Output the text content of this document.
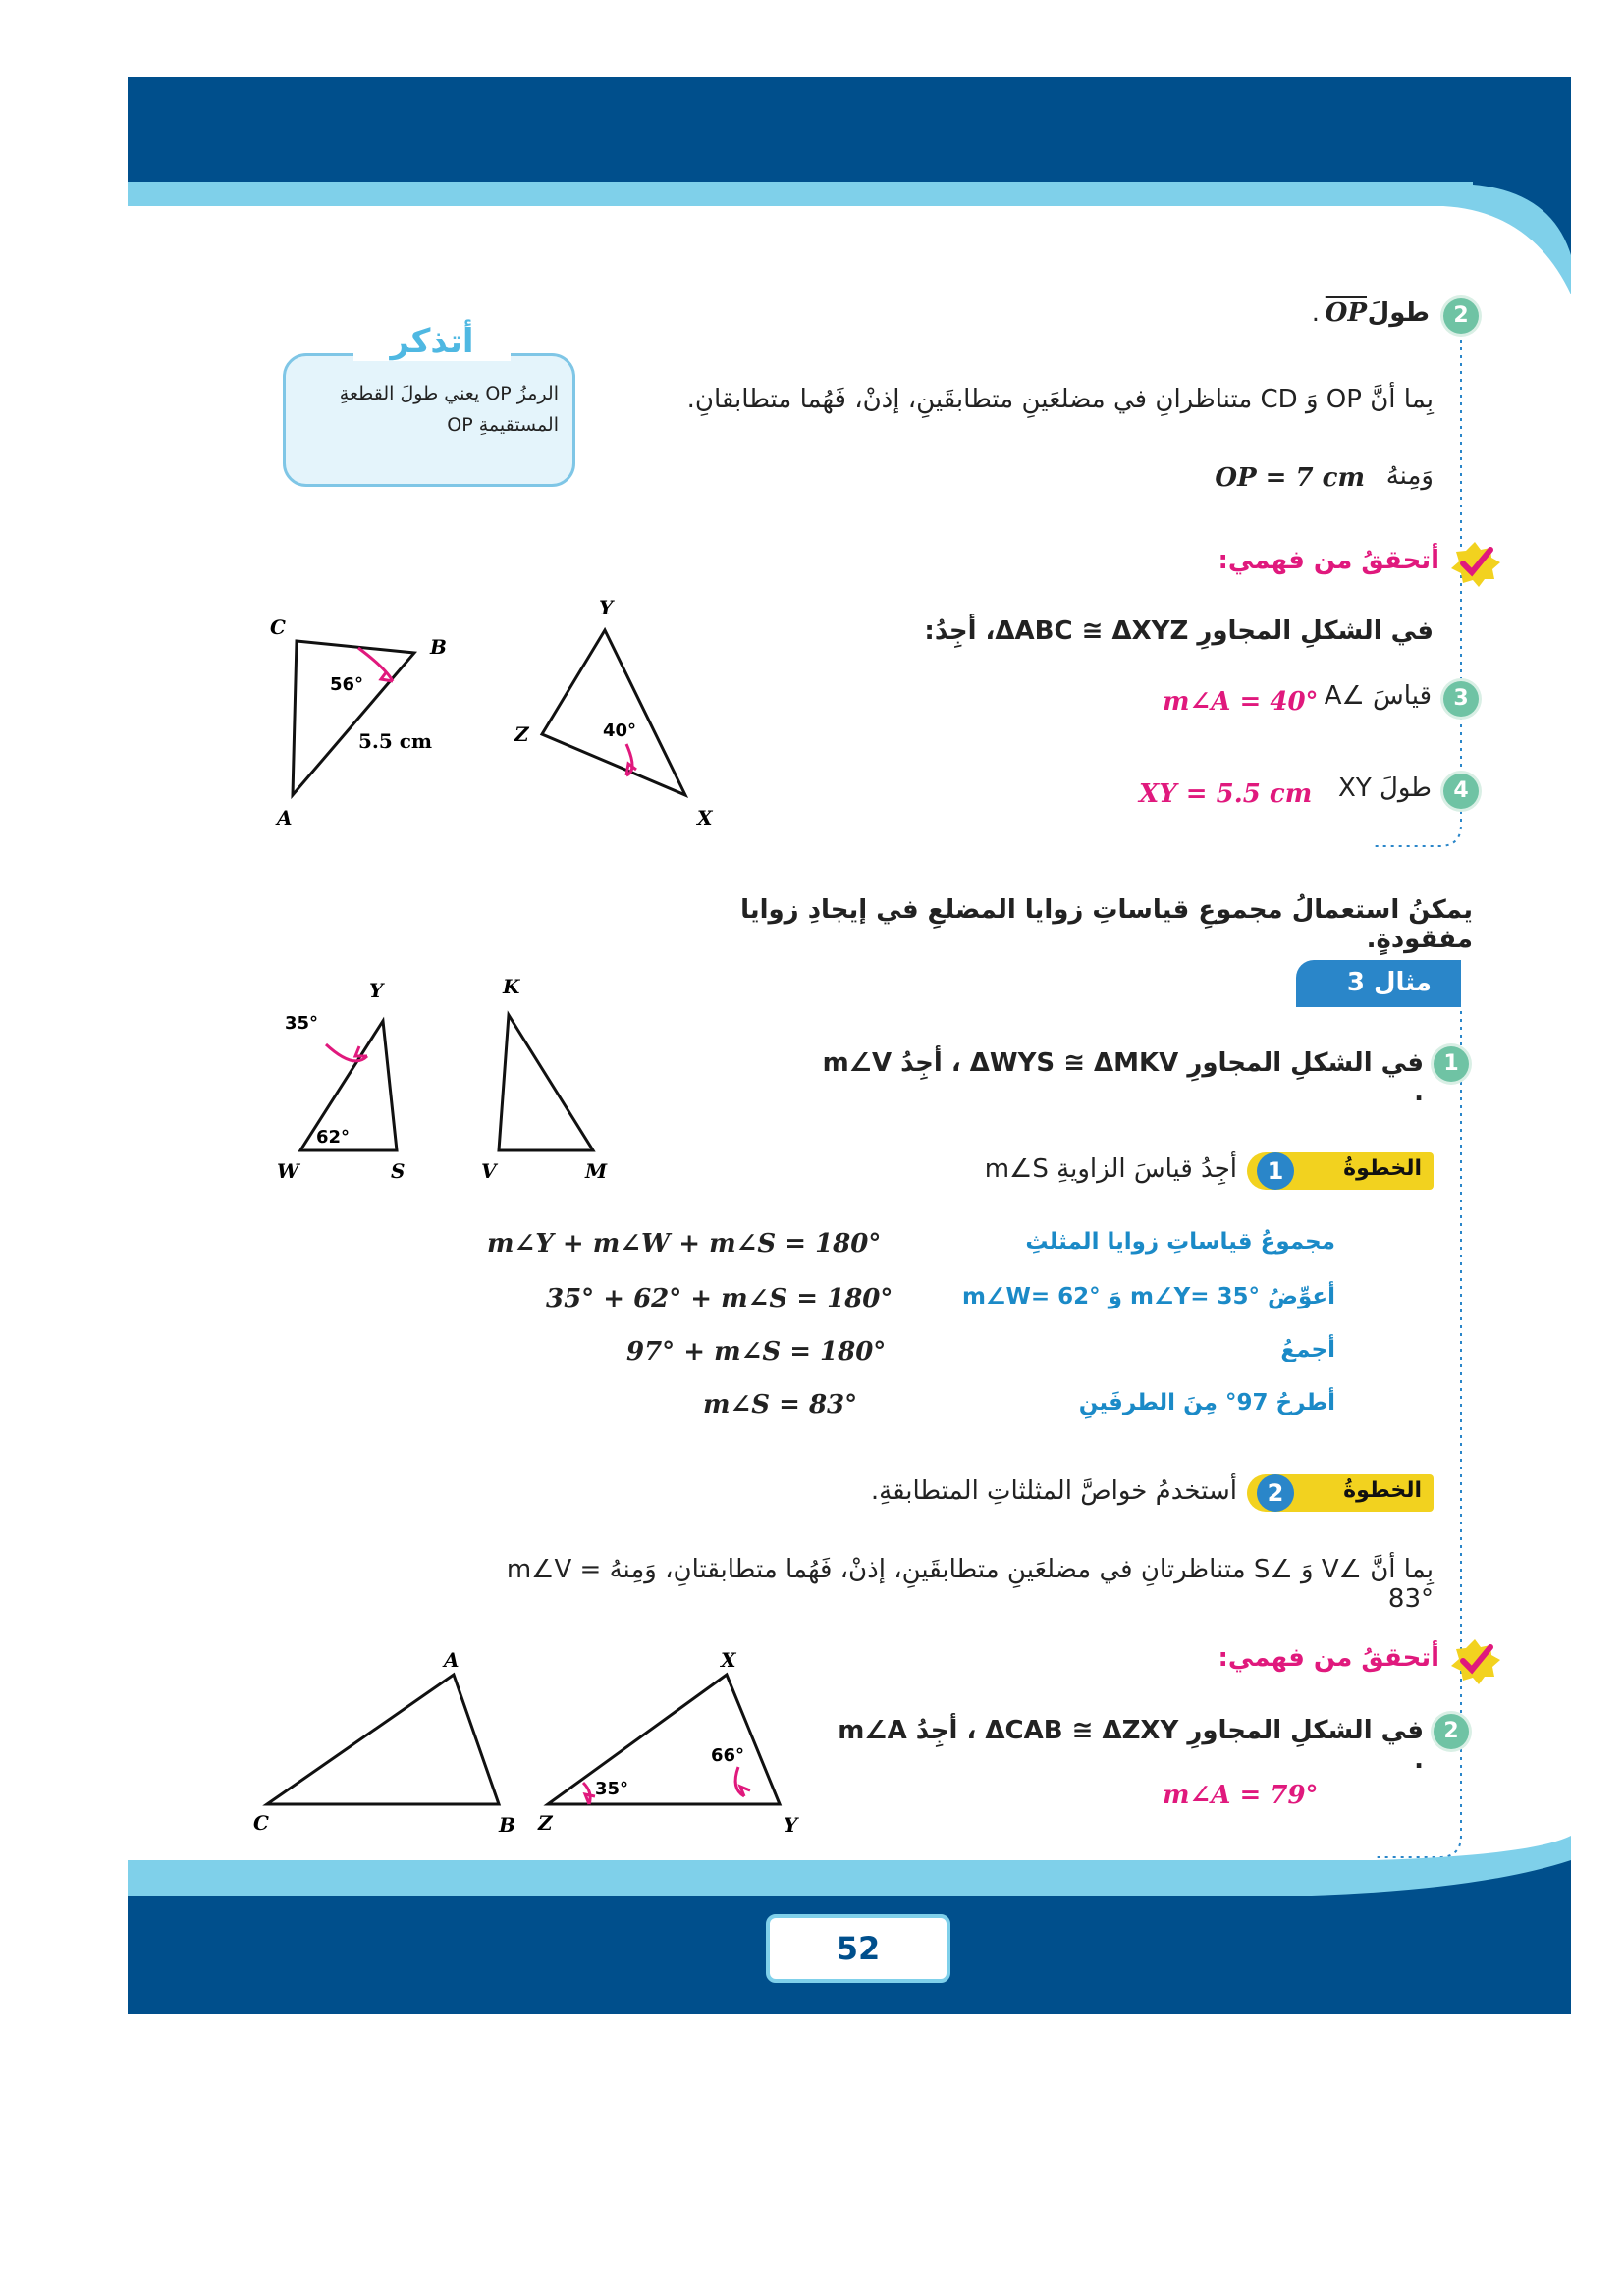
2
طولَ
$\overline{OP}$
.
بِما أنَّ OP وَ CD متناظرانِ في مضلعَينِ متطابقَينِ، إذنْ، فَهُما متطابقانِ.
وَمِنهُ
OP = 7 cm
الرمزُ OP يعني طولَ القطعةِ المستقيمةِ OP
أتذكر
أتحققُ من فهمي:
في الشكلِ المجاورِ ΔABC ≅ ΔXYZ، أجِدُ:
3
قياسَ ∠A
m∠A = 40°
4
طولَ XY
XY = 5.5 cm
C
B
A
56°
5.5 cm
Y
Z
X
40°
يمكنُ استعمالُ مجموعِ قياساتِ زوايا المضلعِ في إيجادِ زوايا مفقودةٍ.
مثال 3
1
في الشكلِ المجاورِ ΔWYS ≅ ΔMKV ، أجِدُ m∠V .
1	الخطوةُ
أجِدُ قياسَ الزاويةِ m∠S
m∠Y + m∠W + m∠S = 180°	مجموعُ قياساتِ زوايا المثلثِ
35° + 62° + m∠S = 180°	أعوِّضُ m∠Y= 35° وَ m∠W= 62°
97° + m∠S = 180°	أجمعُ
m∠S = 83°	أطرحُ 97° مِنَ الطرفَينِ
2	الخطوةُ
أستخدمُ خواصَّ المثلثاتِ المتطابقةِ.
بِما أنَّ ∠V وَ ∠S متناظرتانِ في مضلعَينِ متطابقَينِ، إذنْ، فَهُما متطابقتانِ، وَمِنهُ m∠V = 83°
Y
35°
62°
W	S
K
V	M
أتحققُ من فهمي:
2
في الشكلِ المجاورِ ΔCAB ≅ ΔZXY ، أجِدُ m∠A .
m∠A = 79°
A
C	B
X
Z	Y
35°
66°
52
